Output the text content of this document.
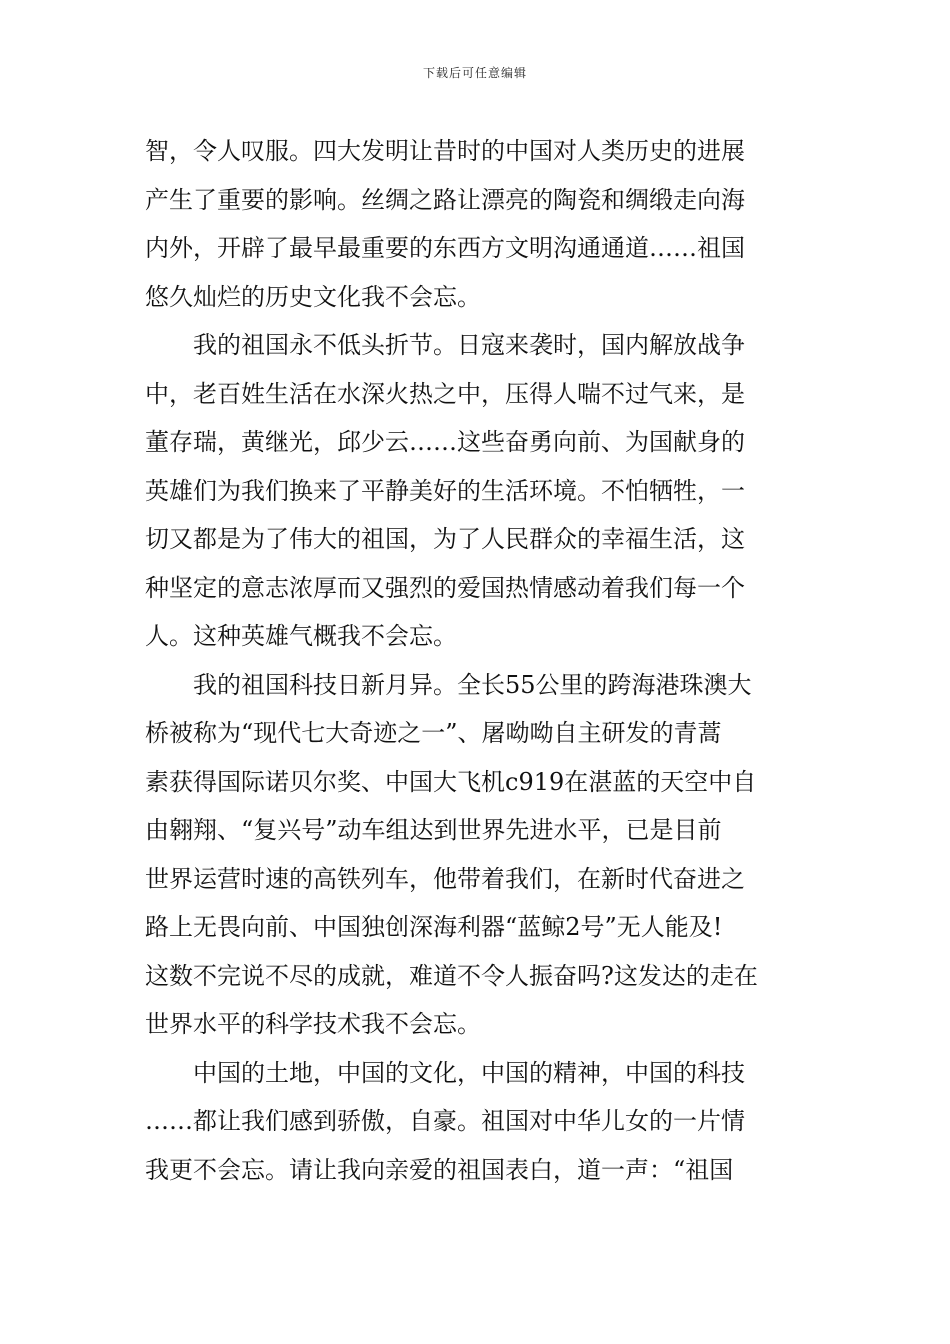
下载后可任意编辑
智，令人叹服。四大发明让昔时的中国对人类历史的进展
产生了重要的影响。丝绸之路让漂亮的陶瓷和绸缎走向海
内外，开辟了最早最重要的东西方文明沟通通道……祖国
悠久灿烂的历史文化我不会忘。
我的祖国永不低头折节。日寇来袭时，国内解放战争
中，老百姓生活在水深火热之中，压得人喘不过气来，是
董存瑞，黄继光，邱少云……这些奋勇向前、为国献身的
英雄们为我们换来了平静美好的生活环境。不怕牺牲，一
切又都是为了伟大的祖国，为了人民群众的幸福生活，这
种坚定的意志浓厚而又强烈的爱国热情感动着我们每一个
人。这种英雄气概我不会忘。
我的祖国科技日新月异。全长55公里的跨海港珠澳大
桥被称为“现代七大奇迹之一”、屠呦呦自主研发的青蒿
素获得国际诺贝尔奖、中国大飞机c919在湛蓝的天空中自
由翱翔、“复兴号”动车组达到世界先进水平，已是目前
世界运营时速的高铁列车，他带着我们，在新时代奋进之
路上无畏向前、中国独创深海利器“蓝鲸2号”无人能及!
这数不完说不尽的成就，难道不令人振奋吗?这发达的走在
世界水平的科学技术我不会忘。
中国的土地，中国的文化，中国的精神，中国的科技
……都让我们感到骄傲，自豪。祖国对中华儿女的一片情
我更不会忘。请让我向亲爱的祖国表白，道一声：“祖国
